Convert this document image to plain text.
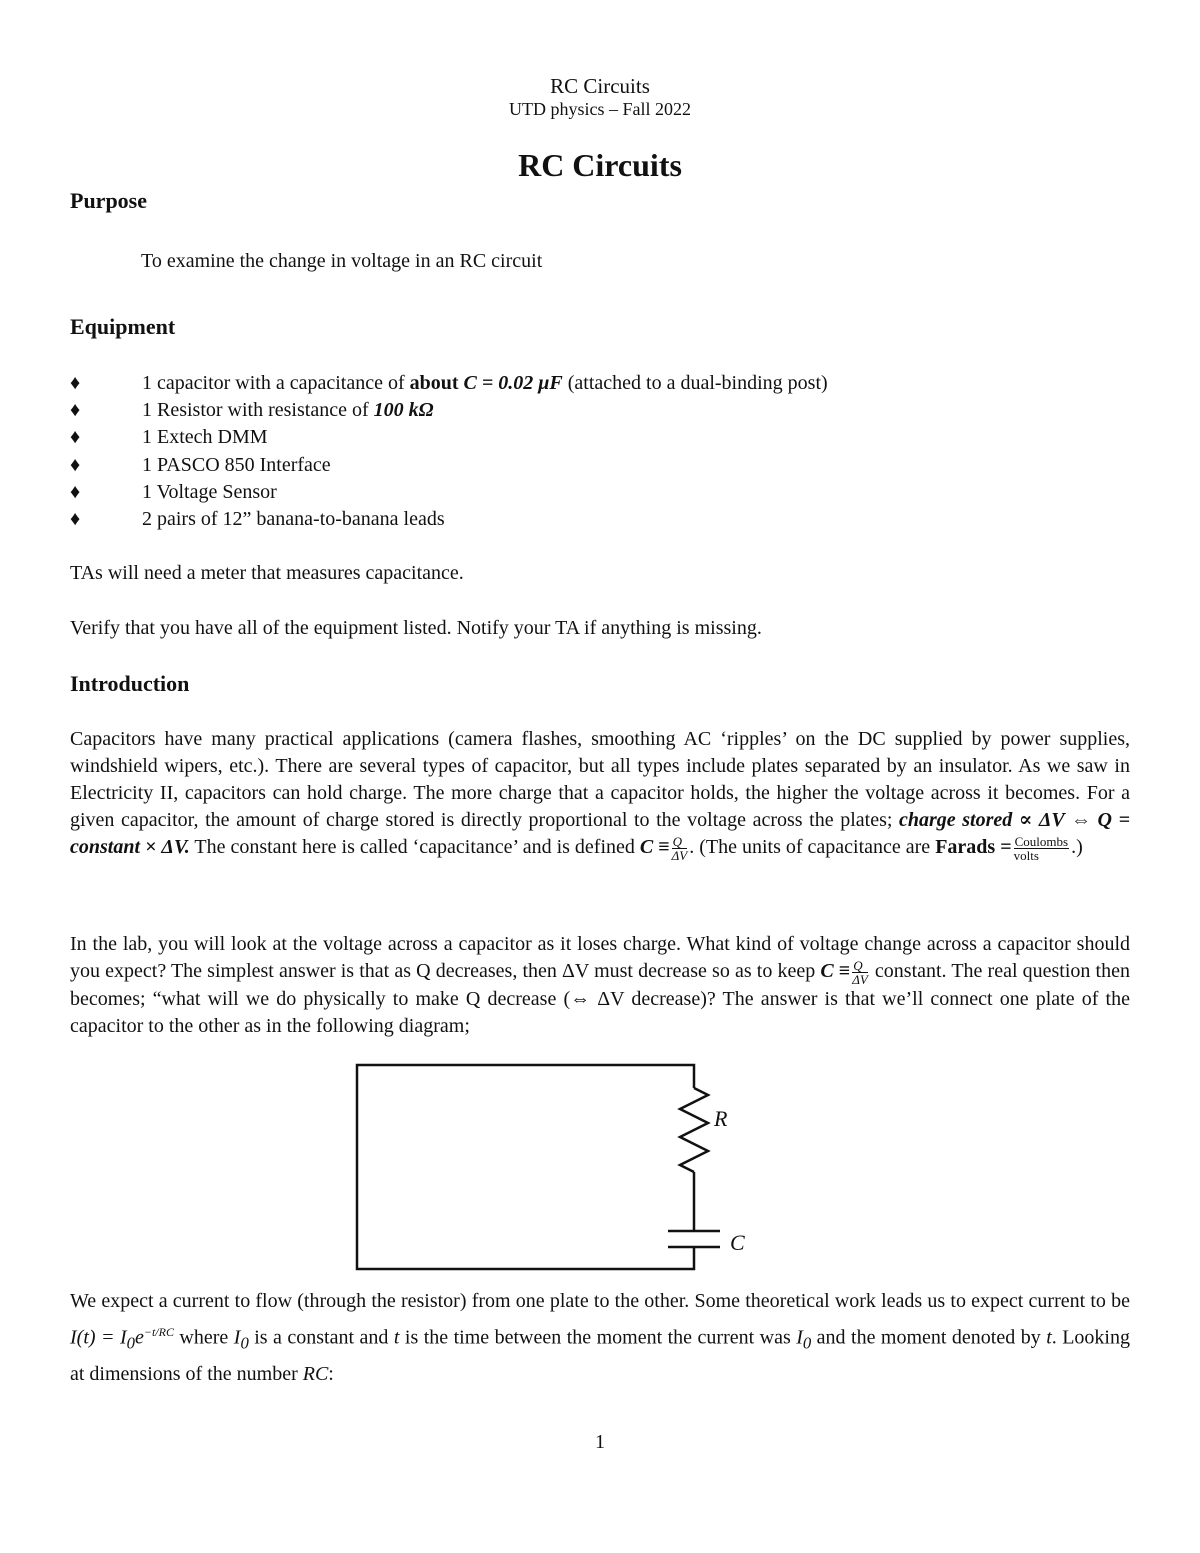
RC Circuits
UTD physics – Fall 2022
RC Circuits
Purpose
To examine the change in voltage in an RC circuit
Equipment
♦	1 capacitor with a capacitance of about C = 0.02 μF (attached to a dual-binding post)
♦	1 Resistor with resistance of 100 kΩ
♦	1 Extech DMM
♦	1 PASCO 850 Interface
♦	1 Voltage Sensor
♦	2 pairs of 12” banana-to-banana leads
TAs will need a meter that measures capacitance.
Verify that you have all of the equipment listed. Notify your TA if anything is missing.
Introduction
Capacitors have many practical applications (camera flashes, smoothing AC ‘ripples’ on the DC supplied by power supplies, windshield wipers, etc.). There are several types of capacitor, but all types include plates separated by an insulator. As we saw in Electricity II, capacitors can hold charge. The more charge that a capacitor holds, the higher the voltage across it becomes. For a given capacitor, the amount of charge stored is directly proportional to the voltage across the plates; charge stored ∝ ΔV ⇔ Q = constant × ΔV. The constant here is called ‘capacitance’ and is defined $C \equiv \frac{Q}{\Delta V}$ . (The units of capacitance are Farads = $\frac{\text{Coulombs}}{\text{volts}}$ .)
In the lab, you will look at the voltage across a capacitor as it loses charge. What kind of voltage change across a capacitor should you expect? The simplest answer is that as Q decreases, then ΔV must decrease so as to keep $C \equiv \frac{Q}{\Delta V}$ constant. The real question then becomes; “what will we do physically to make Q decrease (⇔ ΔV decrease)? The answer is that we’ll connect one plate of the capacitor to the other as in the following diagram;
R
C
We expect a current to flow (through the resistor) from one plate to the other. Some theoretical work leads us to expect current to be $I(t) = I_0e^{-t/RC}$ where $I_0$ is a constant and t is the time between the moment the current was $I_0$ and the moment denoted by t. Looking at dimensions of the number RC:
1
